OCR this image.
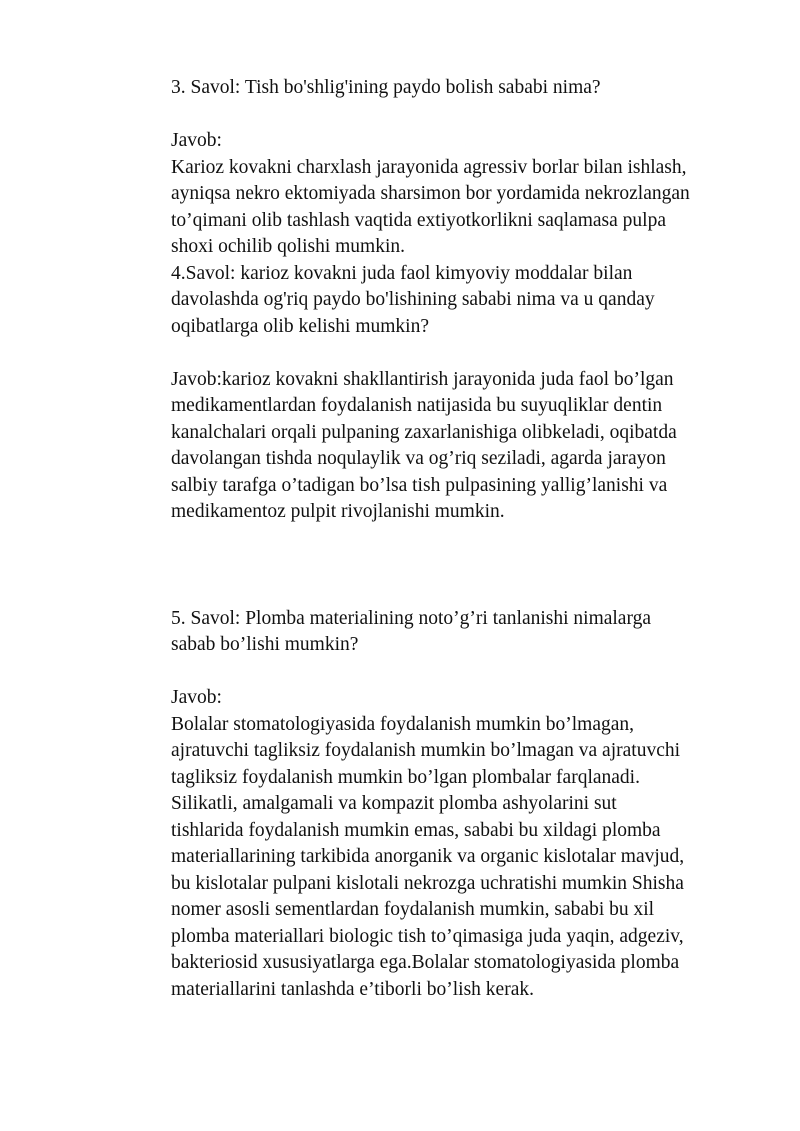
3. Savol: Tish bo'shlig'ining paydo bolish sababi nima?
Javob:
Karioz kovakni charxlash jarayonida agressiv borlar bilan ishlash,
ayniqsa nekro ektomiyada sharsimon bor yordamida nekrozlangan
to’qimani olib tashlash vaqtida extiyotkorlikni saqlamasa pulpa
shoxi ochilib qolishi mumkin.
4.Savol: karioz kovakni juda faol kimyoviy moddalar bilan
davolashda og'riq paydo bo'lishining sababi nima va u qanday
oqibatlarga olib kelishi mumkin?
Javob:karioz kovakni shakllantirish jarayonida juda faol bo’lgan
medikamentlardan foydalanish natijasida bu suyuqliklar dentin
kanalchalari orqali pulpaning zaxarlanishiga olibkeladi, oqibatda
davolangan tishda noqulaylik va og’riq seziladi, agarda jarayon
salbiy tarafga o’tadigan bo’lsa tish pulpasining yallig’lanishi va
medikamentoz pulpit rivojlanishi mumkin.
5. Savol: Plomba materialining noto’g’ri tanlanishi nimalarga
sabab bo’lishi mumkin?
Javob:
Bolalar stomatologiyasida foydalanish mumkin bo’lmagan,
ajratuvchi tagliksiz foydalanish mumkin bo’lmagan va ajratuvchi
tagliksiz foydalanish mumkin bo’lgan plombalar farqlanadi.
Silikatli, amalgamali va kompazit plomba ashyolarini sut
tishlarida foydalanish mumkin emas, sababi bu xildagi plomba
materiallarining tarkibida anorganik va organic kislotalar mavjud,
bu kislotalar pulpani kislotali nekrozga uchratishi mumkin Shisha
nomer asosli sementlardan foydalanish mumkin, sababi bu xil
plomba materiallari biologic tish to’qimasiga juda yaqin, adgeziv,
bakteriosid xususiyatlarga ega.Bolalar stomatologiyasida plomba
materiallarini tanlashda e’tiborli bo’lish kerak.
